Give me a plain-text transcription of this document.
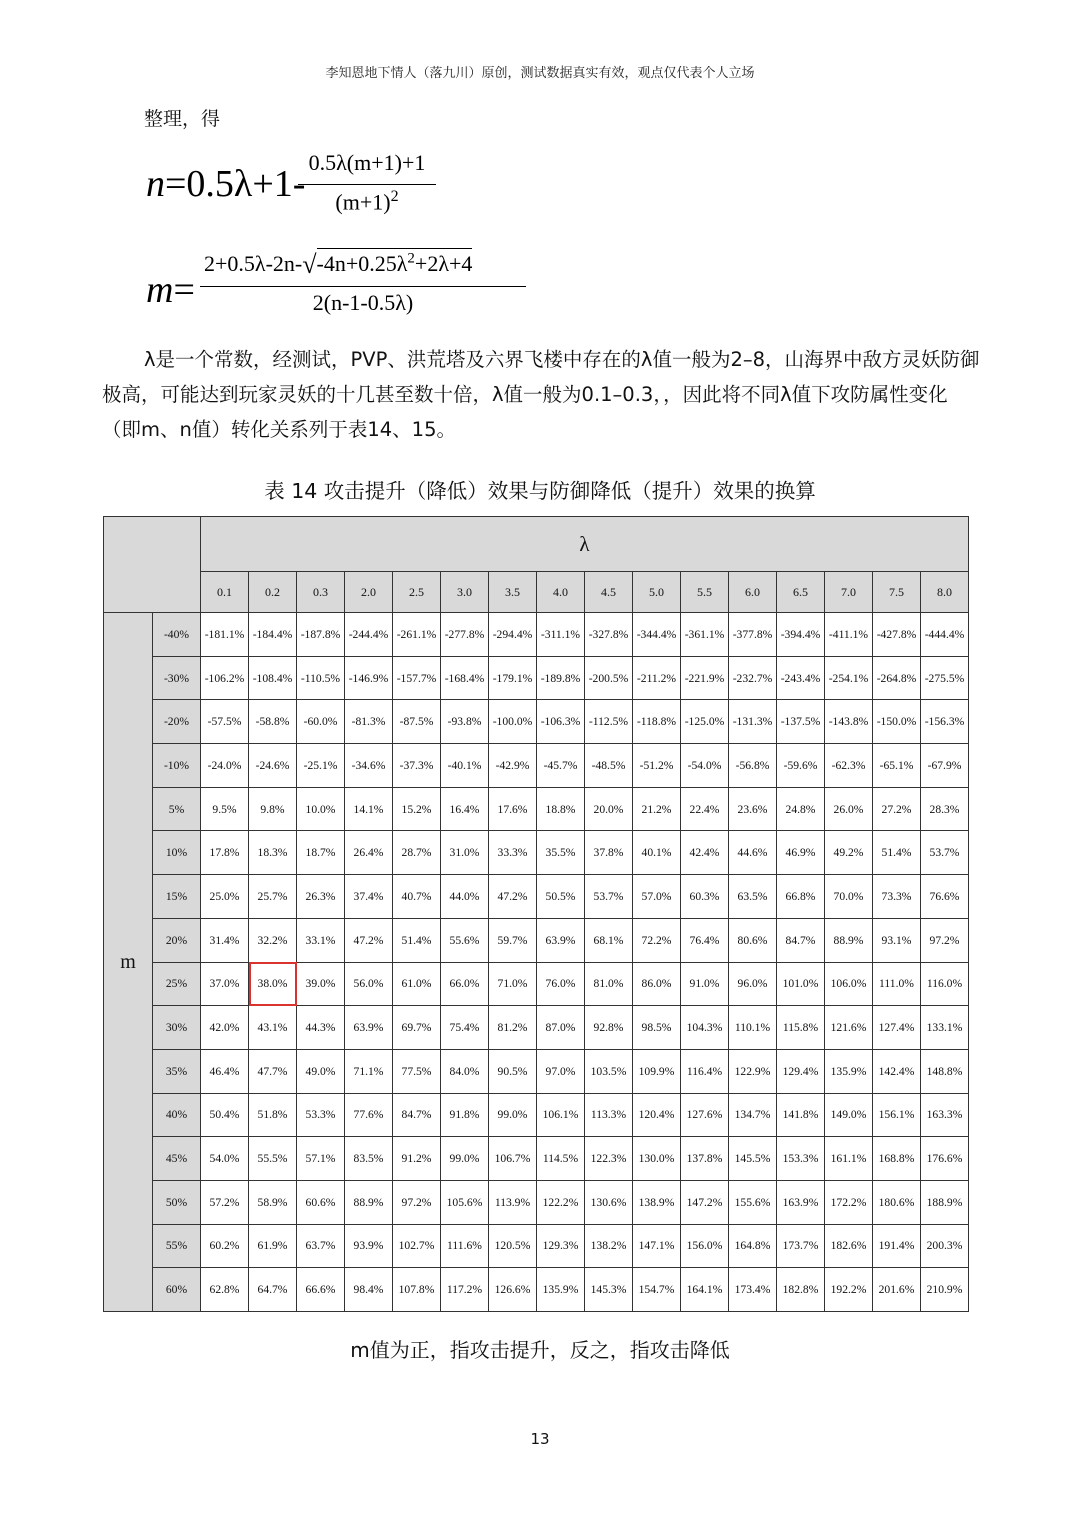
李知恩地下情人（落九川）原创，测试数据真实有效，观点仅代表个人立场
整理，得
n=0.5λ+1-
0.5λ(m+1)+1
$(m+1)^2$
m=
$2+0.5\lambda-2n-√-4n+0.25\lambda^2+2\lambda+4$
2(n-1-0.5λ)
λ是一个常数，经测试，PVP、洪荒塔及六界飞楼中存在的λ值一般为2–8，山海界中敌方灵妖防御极高，可能达到玩家灵妖的十几甚至数十倍，λ值一般为0.1–0.3，，因此将不同λ值下攻防属性变化（即m、n值）转化关系列于表14、15。
表 14 攻击提升（降低）效果与防御降低（提升）效果的换算
		λ															
		0.1	0.2	0.3	2.0	2.5	3.0	3.5	4.0	4.5	5.0	5.5	6.0	6.5	7.0	7.5	8.0
m	-40%	-181.1%	-184.4%	-187.8%	-244.4%	-261.1%	-277.8%	-294.4%	-311.1%	-327.8%	-344.4%	-361.1%	-377.8%	-394.4%	-411.1%	-427.8%	-444.4%
	-30%	-106.2%	-108.4%	-110.5%	-146.9%	-157.7%	-168.4%	-179.1%	-189.8%	-200.5%	-211.2%	-221.9%	-232.7%	-243.4%	-254.1%	-264.8%	-275.5%
	-20%	-57.5%	-58.8%	-60.0%	-81.3%	-87.5%	-93.8%	-100.0%	-106.3%	-112.5%	-118.8%	-125.0%	-131.3%	-137.5%	-143.8%	-150.0%	-156.3%
	-10%	-24.0%	-24.6%	-25.1%	-34.6%	-37.3%	-40.1%	-42.9%	-45.7%	-48.5%	-51.2%	-54.0%	-56.8%	-59.6%	-62.3%	-65.1%	-67.9%
	5%	9.5%	9.8%	10.0%	14.1%	15.2%	16.4%	17.6%	18.8%	20.0%	21.2%	22.4%	23.6%	24.8%	26.0%	27.2%	28.3%
	10%	17.8%	18.3%	18.7%	26.4%	28.7%	31.0%	33.3%	35.5%	37.8%	40.1%	42.4%	44.6%	46.9%	49.2%	51.4%	53.7%
	15%	25.0%	25.7%	26.3%	37.4%	40.7%	44.0%	47.2%	50.5%	53.7%	57.0%	60.3%	63.5%	66.8%	70.0%	73.3%	76.6%
	20%	31.4%	32.2%	33.1%	47.2%	51.4%	55.6%	59.7%	63.9%	68.1%	72.2%	76.4%	80.6%	84.7%	88.9%	93.1%	97.2%
	25%	37.0%	38.0%	39.0%	56.0%	61.0%	66.0%	71.0%	76.0%	81.0%	86.0%	91.0%	96.0%	101.0%	106.0%	111.0%	116.0%
	30%	42.0%	43.1%	44.3%	63.9%	69.7%	75.4%	81.2%	87.0%	92.8%	98.5%	104.3%	110.1%	115.8%	121.6%	127.4%	133.1%
	35%	46.4%	47.7%	49.0%	71.1%	77.5%	84.0%	90.5%	97.0%	103.5%	109.9%	116.4%	122.9%	129.4%	135.9%	142.4%	148.8%
	40%	50.4%	51.8%	53.3%	77.6%	84.7%	91.8%	99.0%	106.1%	113.3%	120.4%	127.6%	134.7%	141.8%	149.0%	156.1%	163.3%
	45%	54.0%	55.5%	57.1%	83.5%	91.2%	99.0%	106.7%	114.5%	122.3%	130.0%	137.8%	145.5%	153.3%	161.1%	168.8%	176.6%
	50%	57.2%	58.9%	60.6%	88.9%	97.2%	105.6%	113.9%	122.2%	130.6%	138.9%	147.2%	155.6%	163.9%	172.2%	180.6%	188.9%
	55%	60.2%	61.9%	63.7%	93.9%	102.7%	111.6%	120.5%	129.3%	138.2%	147.1%	156.0%	164.8%	173.7%	182.6%	191.4%	200.3%
	60%	62.8%	64.7%	66.6%	98.4%	107.8%	117.2%	126.6%	135.9%	145.3%	154.7%	164.1%	173.4%	182.8%	192.2%	201.6%	210.9%
m值为正，指攻击提升，反之，指攻击降低
13
